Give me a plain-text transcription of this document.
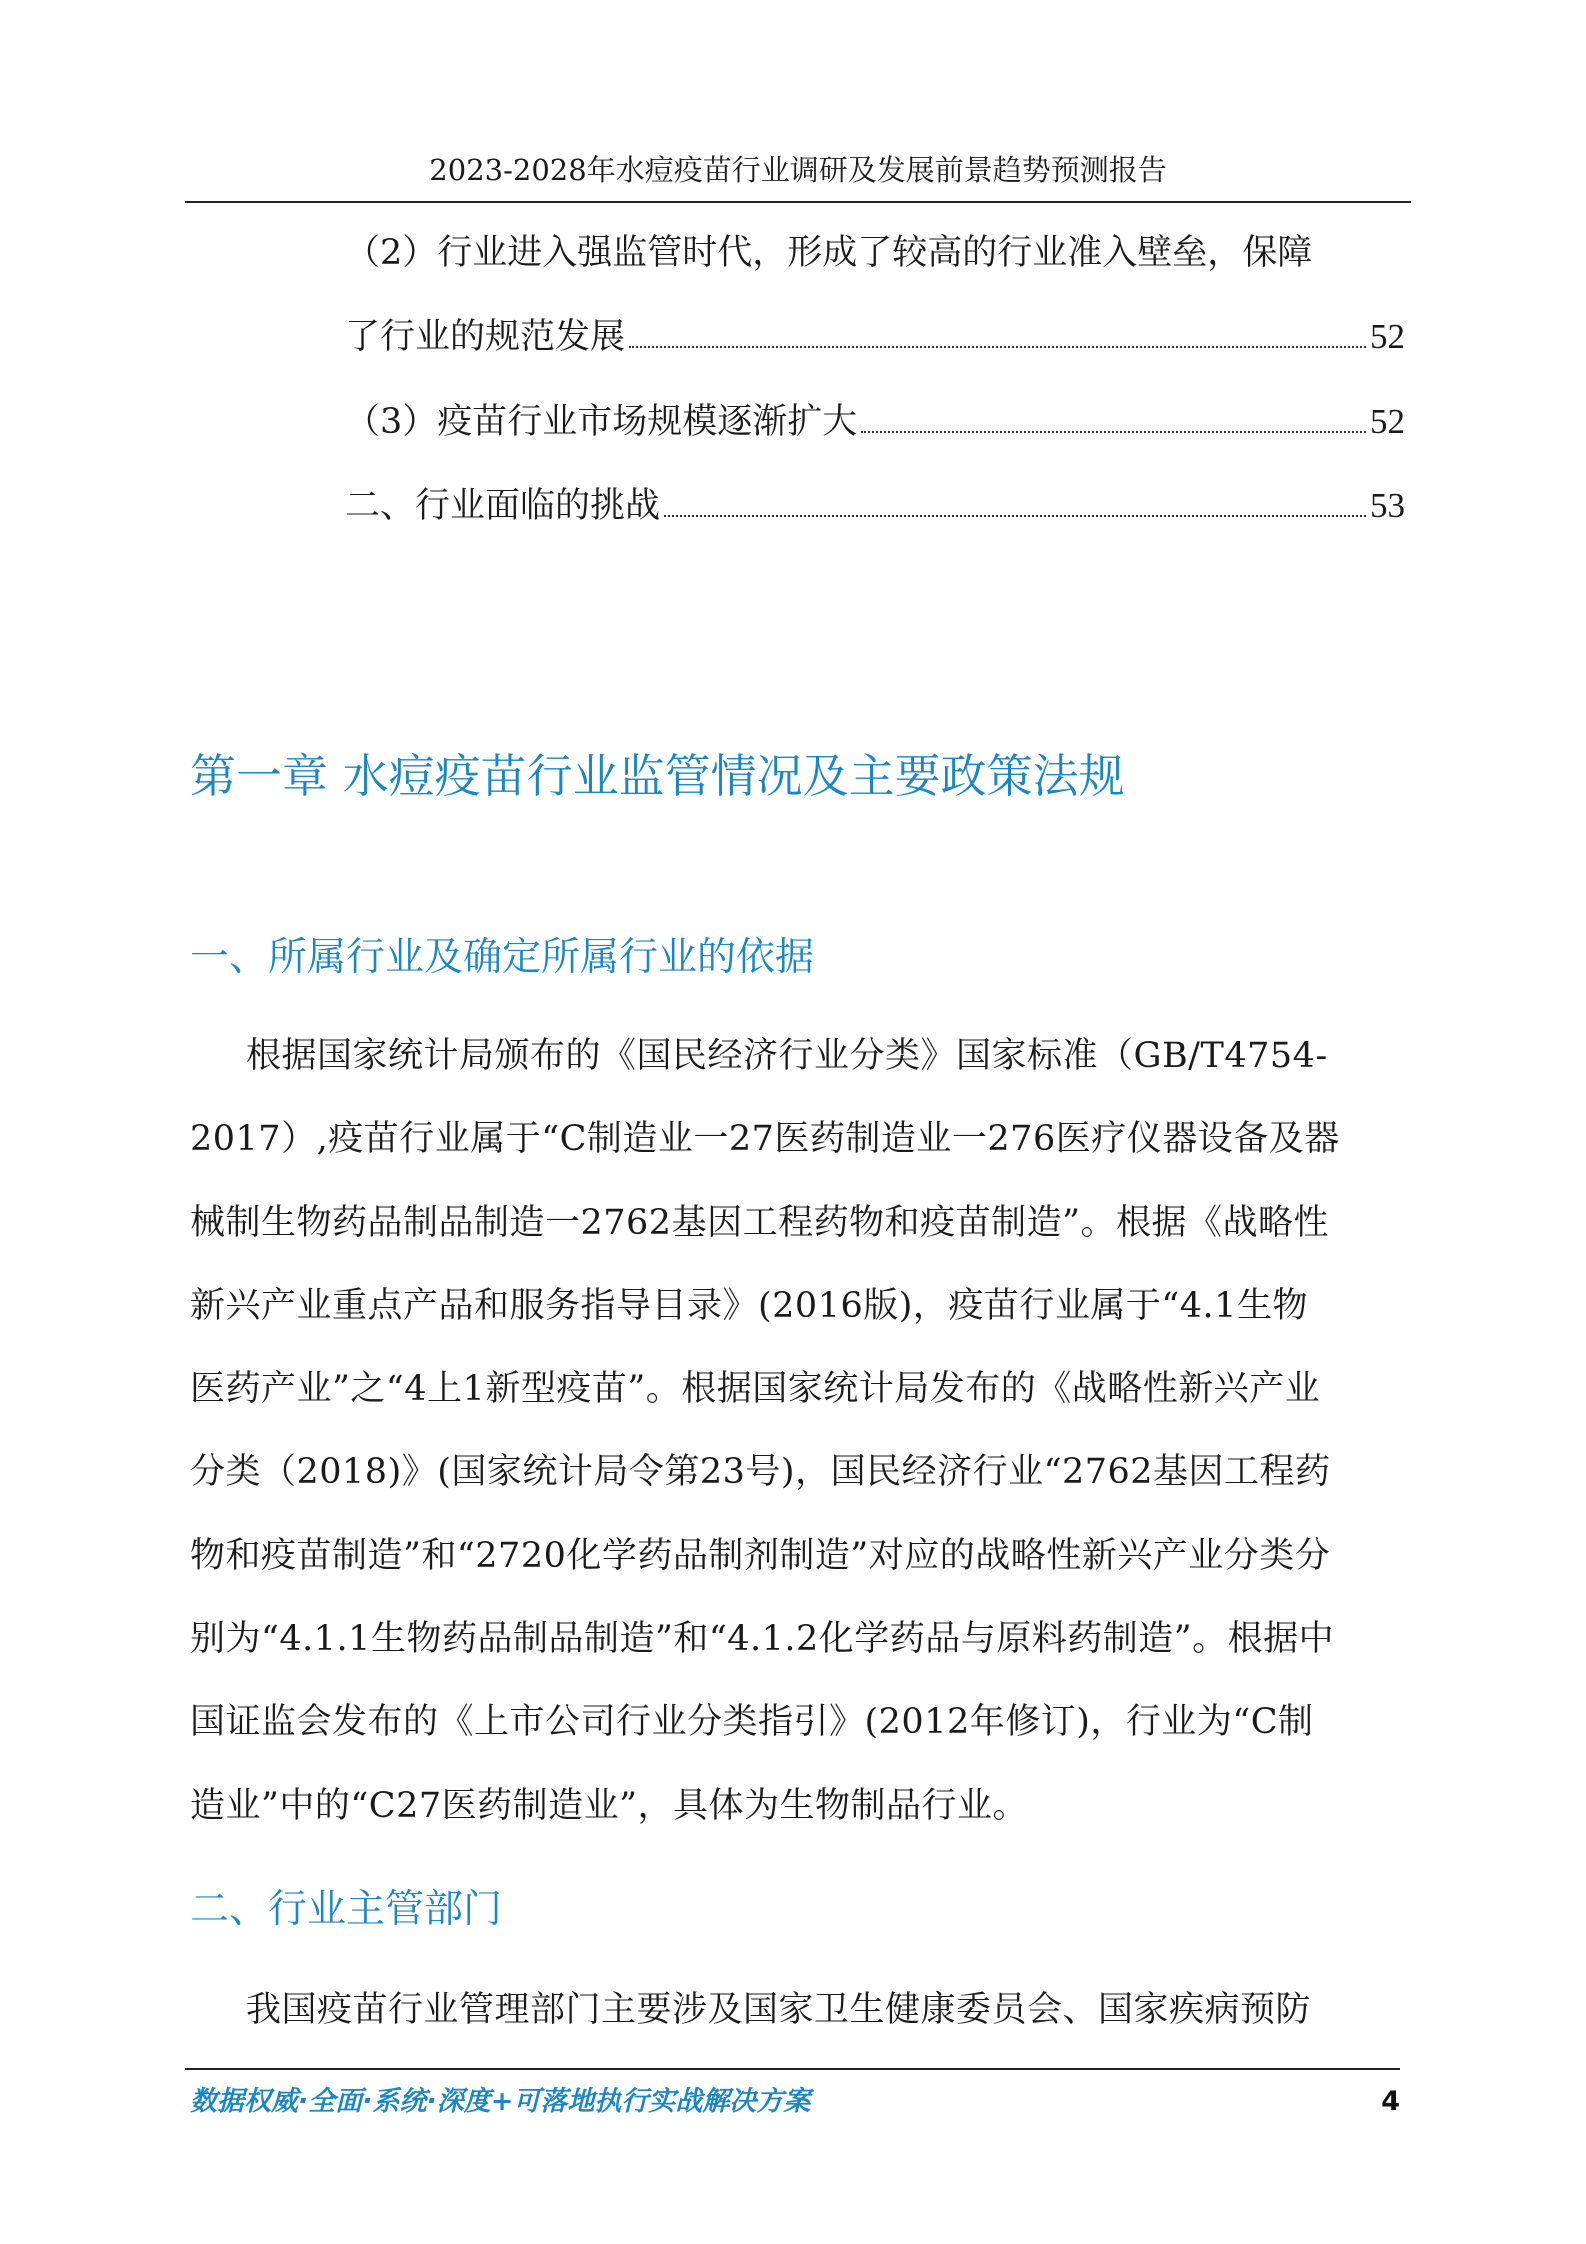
2023-2028年水痘疫苗行业调研及发展前景趋势预测报告
（2）行业进入强监管时代，形成了较高的行业准入壁垒，保障
了行业的规范发展	52
（3）疫苗行业市场规模逐渐扩大	52
二、行业面临的挑战	53
第一章 水痘疫苗行业监管情况及主要政策法规
一、所属行业及确定所属行业的依据
根据国家统计局颁布的《国民经济行业分类》国家标准（GB/T4754-
2017）,疫苗行业属于“C制造业一27医药制造业一276医疗仪器设备及器
械制生物药品制品制造一2762基因工程药物和疫苗制造”。根据《战略性
新兴产业重点产品和服务指导目录》(2016版)，疫苗行业属于“4.1生物
医药产业”之“4上1新型疫苗”。根据国家统计局发布的《战略性新兴产业
分类（2018)》(国家统计局令第23号)，国民经济行业“2762基因工程药
物和疫苗制造”和“2720化学药品制剂制造”对应的战略性新兴产业分类分
别为“4.1.1生物药品制品制造”和“4.1.2化学药品与原料药制造”。根据中
国证监会发布的《上市公司行业分类指引》(2012年修订)，行业为“C制
造业”中的“C27医药制造业”，具体为生物制品行业。
二、行业主管部门
我国疫苗行业管理部门主要涉及国家卫生健康委员会、国家疾病预防
数据权威·全面·系统·深度+可落地执行实战解决方案	4
